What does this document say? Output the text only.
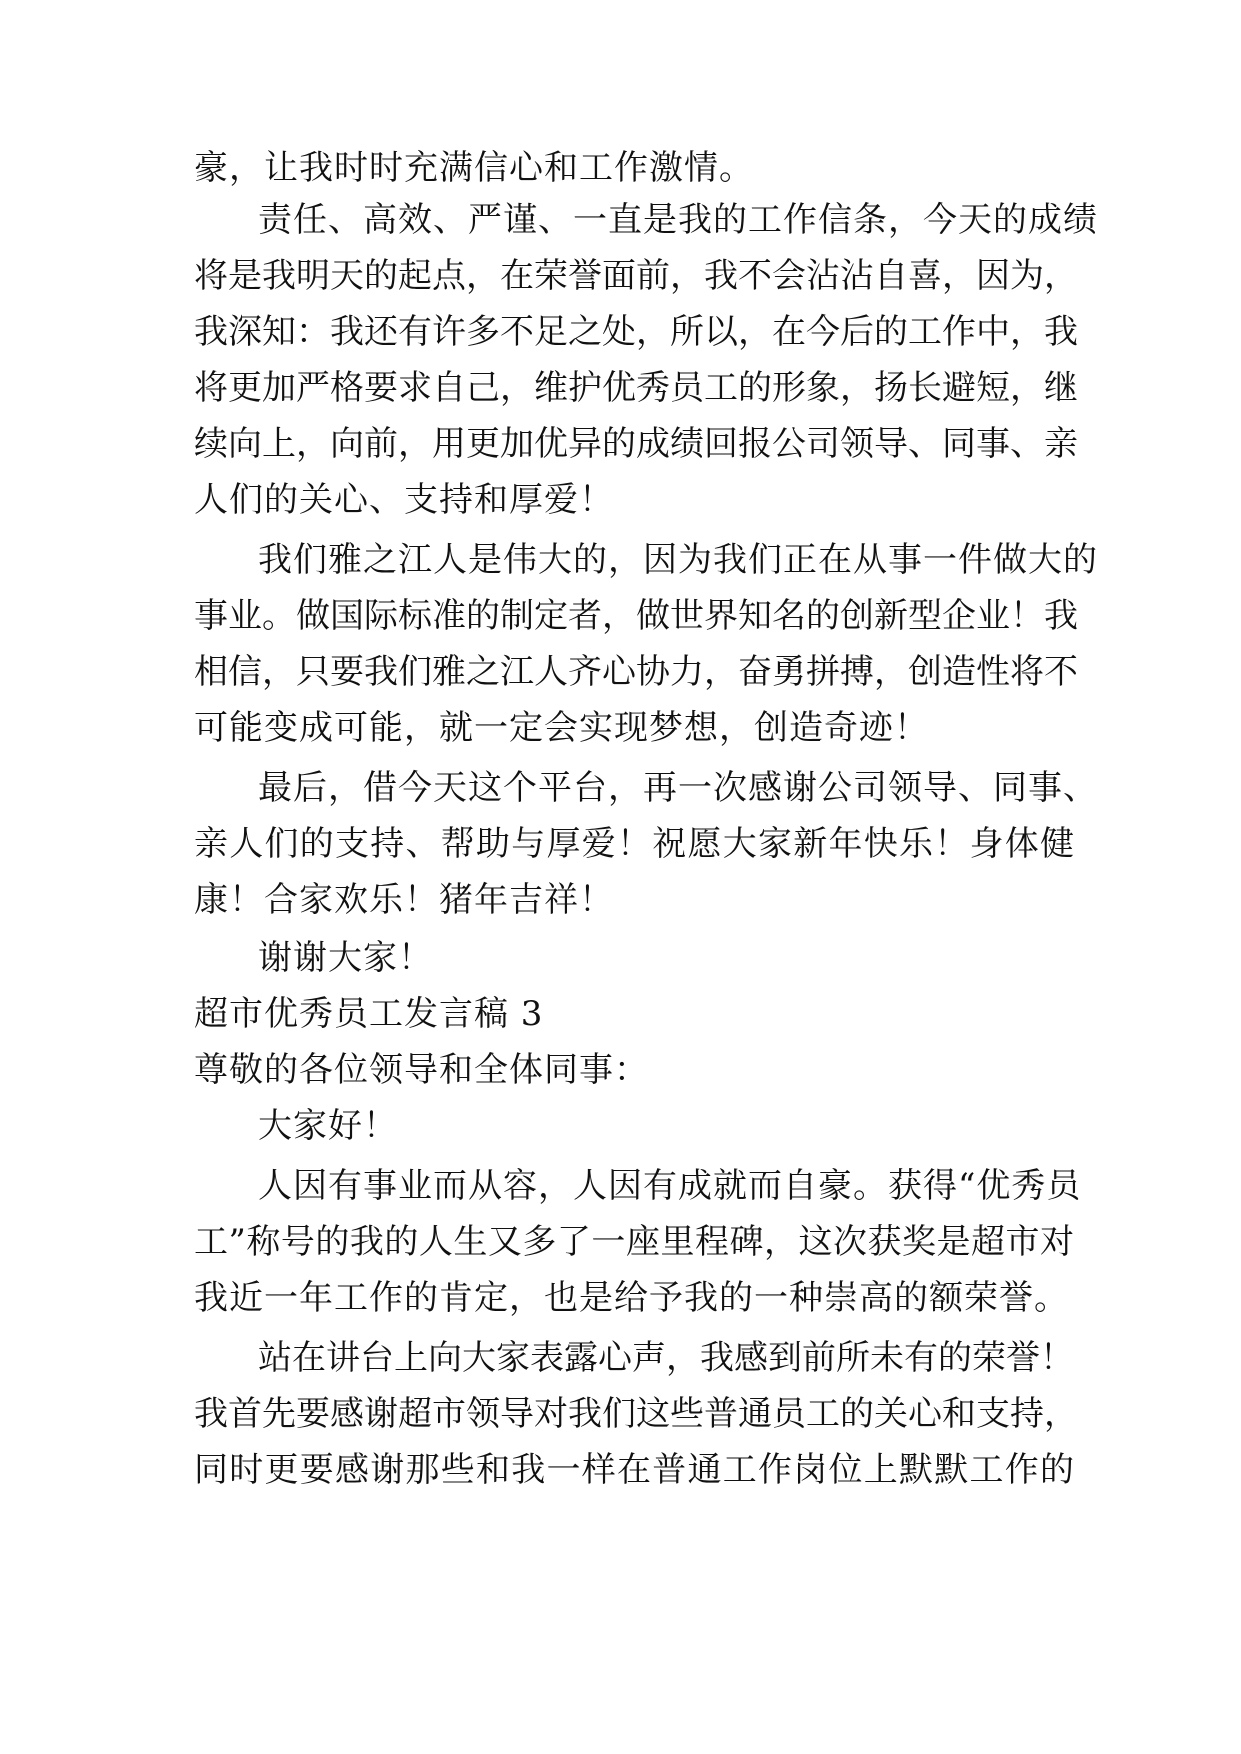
豪，让我时时充满信心和工作激情。

责任、高效、严谨、一直是我的工作信条，今天的成绩

将是我明天的起点，在荣誉面前，我不会沾沾自喜，因为，

我深知：我还有许多不足之处，所以，在今后的工作中，我

将更加严格要求自己，维护优秀员工的形象，扬长避短，继

续向上，向前，用更加优异的成绩回报公司领导、同事、亲

人们的关心、支持和厚爱！

我们雅之江人是伟大的，因为我们正在从事一件做大的

事业。做国际标准的制定者，做世界知名的创新型企业！我

相信，只要我们雅之江人齐心协力，奋勇拼搏，创造性将不

可能变成可能，就一定会实现梦想，创造奇迹！

最后，借今天这个平台，再一次感谢公司领导、同事、

亲人们的支持、帮助与厚爱！祝愿大家新年快乐！身体健

康！合家欢乐！猪年吉祥！

谢谢大家！

超市优秀员工发言稿 3

尊敬的各位领导和全体同事：

大家好！

人因有事业而从容，人因有成就而自豪。获得“优秀员

工”称号的我的人生又多了一座里程碑，这次获奖是超市对

我近一年工作的肯定，也是给予我的一种崇高的额荣誉。

站在讲台上向大家表露心声，我感到前所未有的荣誉！

我首先要感谢超市领导对我们这些普通员工的关心和支持，

同时更要感谢那些和我一样在普通工作岗位上默默工作的
